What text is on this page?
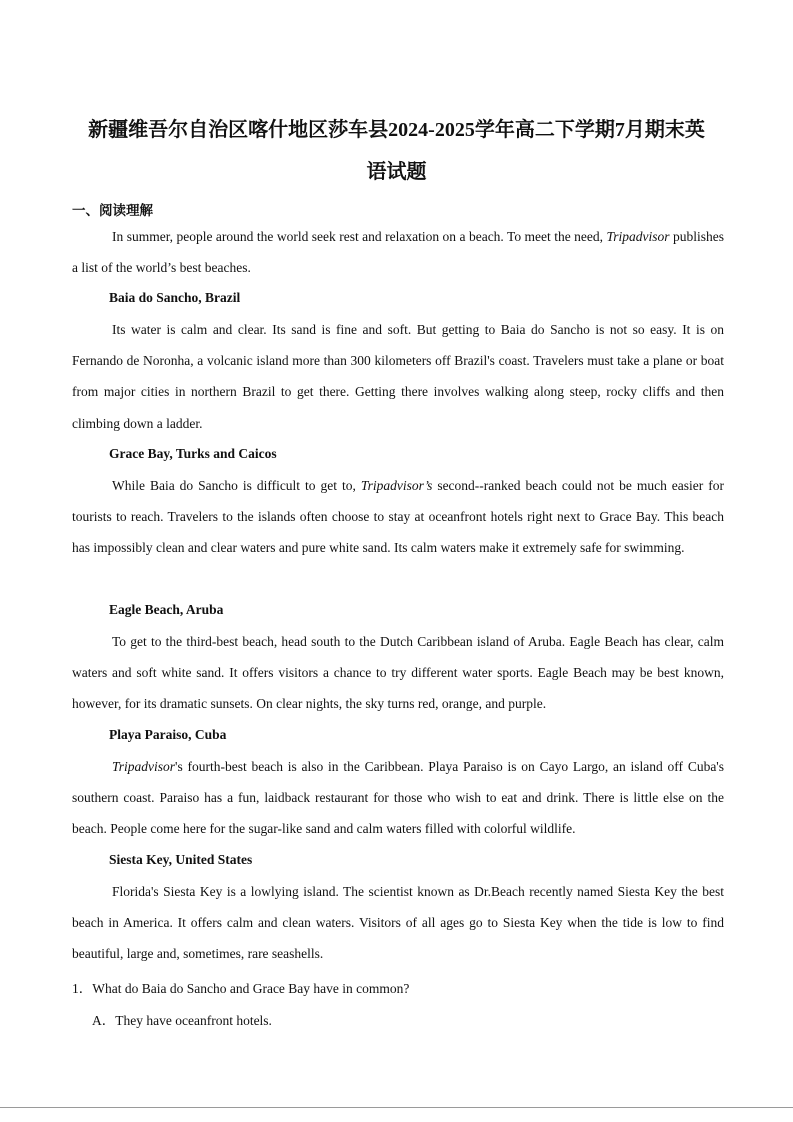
新疆维吾尔自治区喀什地区莎车县2024-2025学年高二下学期7月期末英
语试题
一、阅读理解

In summer, people around the world seek rest and relaxation on a beach. To meet the need, Tripadvisor publishes a list of the world’s best beaches.

Baia do Sancho, Brazil

Its water is calm and clear. Its sand is fine and soft. But getting to Baia do Sancho is not so easy. It is on Fernando de Noronha, a volcanic island more than 300 kilometers off Brazil's coast. Travelers must take a plane or boat from major cities in northern Brazil to get there. Getting there involves walking along steep, rocky cliffs and then climbing down a ladder.

Grace Bay, Turks and Caicos

While Baia do Sancho is difficult to get to, Tripadvisor’s second--ranked beach could not be much easier for tourists to reach. Travelers to the islands often choose to stay at oceanfront hotels right next to Grace Bay. This beach has impossibly clean and clear waters and pure white sand. Its calm waters make it extremely safe for swimming.

Eagle Beach, Aruba

To get to the third-best beach, head south to the Dutch Caribbean island of Aruba. Eagle Beach has clear, calm waters and soft white sand. It offers visitors a chance to try different water sports. Eagle Beach may be best known, however, for its dramatic sunsets. On clear nights, the sky turns red, orange, and purple.

Playa Paraiso, Cuba

Tripadvisor's fourth-best beach is also in the Caribbean. Playa Paraiso is on Cayo Largo, an island off Cuba's southern coast. Paraiso has a fun, laidback restaurant for those who wish to eat and drink. There is little else on the beach. People come here for the sugar-like sand and calm waters filled with colorful wildlife.

Siesta Key, United States

Florida's Siesta Key is a lowlying island. The scientist known as Dr.Beach recently named Siesta Key the best beach in America. It offers calm and clean waters. Visitors of all ages go to Siesta Key when the tide is low to find beautiful, large and, sometimes, rare seashells.

1．What do Baia do Sancho and Grace Bay have in common?
A．They have oceanfront hotels.
